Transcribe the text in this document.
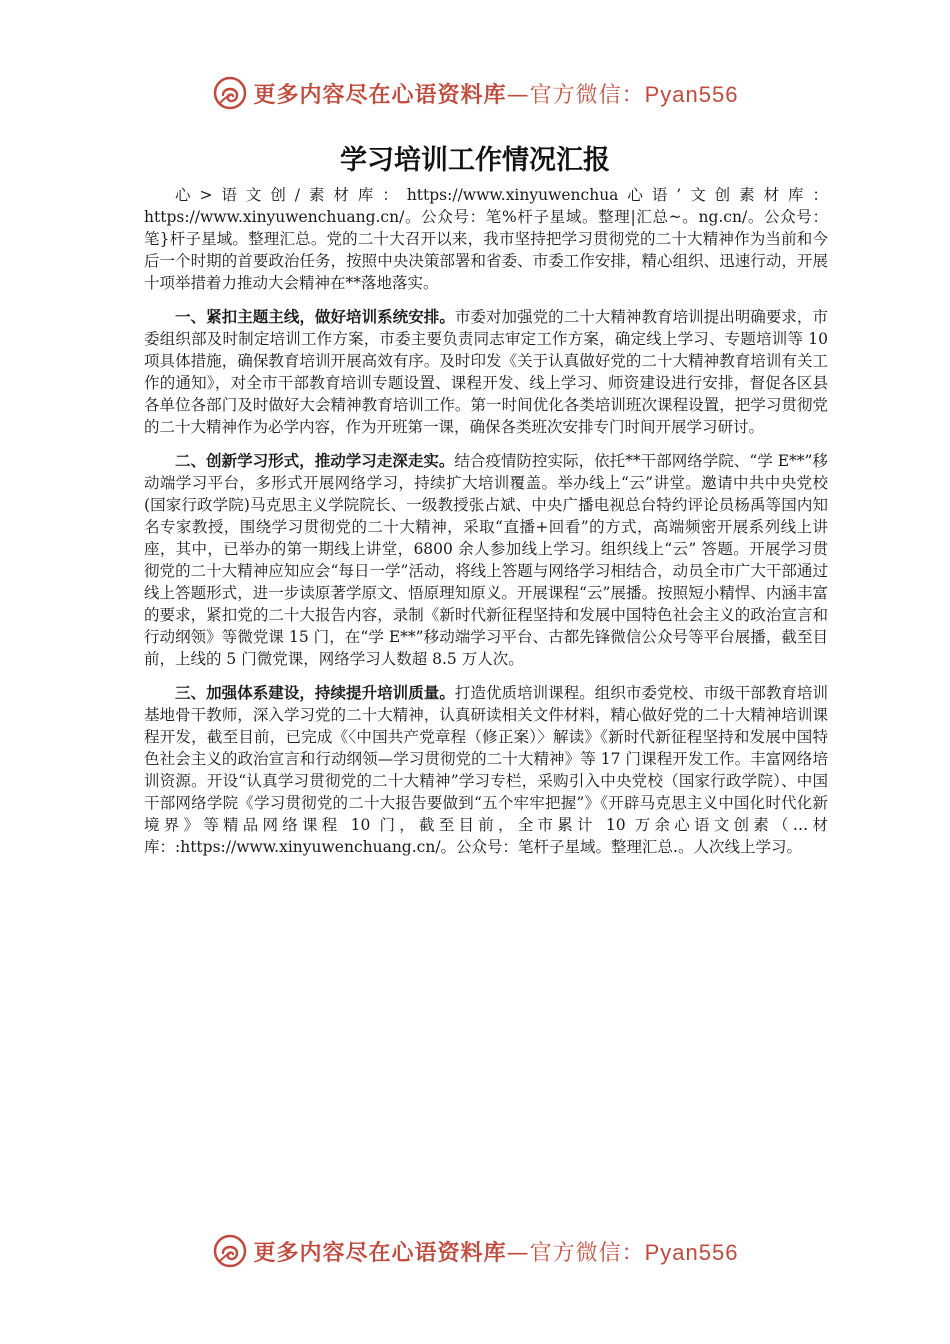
更多内容尽在心语资料库—官方微信：Pyan556
学习培训工作情况汇报

心>语文创/素材库：https://www.xinyuwenchua心语’文创素材库：https://www.xinyuwenchuang.cn/。公众号：笔%杆子星域。整理|汇总~。ng.cn/。公众号：笔}杆子星域。整理汇总。党的二十大召开以来，我市坚持把学习贯彻党的二十大精神作为当前和今后一个时期的首要政治任务，按照中央决策部署和省委、市委工作安排，精心组织、迅速行动，开展十项举措着力推动大会精神在**落地落实。

一、紧扣主题主线，做好培训系统安排。市委对加强党的二十大精神教育培训提出明确要求，市委组织部及时制定培训工作方案，市委主要负责同志审定工作方案，确定线上学习、专题培训等 10 项具体措施，确保教育培训开展高效有序。及时印发《关于认真做好党的二十大精神教育培训有关工作的通知》，对全市干部教育培训专题设置、课程开发、线上学习、师资建设进行安排，督促各区县各单位各部门及时做好大会精神教育培训工作。第一时间优化各类培训班次课程设置，把学习贯彻党的二十大精神作为必学内容，作为开班第一课，确保各类班次安排专门时间开展学习研讨。

二、创新学习形式，推动学习走深走实。结合疫情防控实际，依托**干部网络学院、“学 E**”移动端学习平台，多形式开展网络学习，持续扩大培训覆盖。举办线上“云”讲堂。邀请中共中央党校(国家行政学院)马克思主义学院院长、一级教授张占斌、中央广播电视总台特约评论员杨禹等国内知名专家教授，围绕学习贯彻党的二十大精神，采取“直播+回看”的方式，高端频密开展系列线上讲座，其中，已举办的第一期线上讲堂，6800 余人参加线上学习。组织线上“云” 答题。开展学习贯彻党的二十大精神应知应会“每日一学”活动，将线上答题与网络学习相结合，动员全市广大干部通过线上答题形式，进一步读原著学原文、悟原理知原义。开展课程“云”展播。按照短小精悍、内涵丰富的要求，紧扣党的二十大报告内容，录制《新时代新征程坚持和发展中国特色社会主义的政治宣言和行动纲领》等微党课 15 门，在“学 E**”移动端学习平台、古都先锋微信公众号等平台展播，截至目前，上线的 5 门微党课，网络学习人数超 8.5 万人次。

三、加强体系建设，持续提升培训质量。打造优质培训课程。组织市委党校、市级干部教育培训基地骨干教师，深入学习党的二十大精神，认真研读相关文件材料，精心做好党的二十大精神培训课程开发，截至目前，已完成《〈中国共产党章程（修正案）〉解读》《新时代新征程坚持和发展中国特色社会主义的政治宣言和行动纲领—学习贯彻党的二十大精神》等 17 门课程开发工作。丰富网络培训资源。开设“认真学习贯彻党的二十大精神”学习专栏，采购引入中央党校（国家行政学院）、中国干部网络学院《学习贯彻党的二十大报告要做到“五个牢牢把握”》《开辟马克思主义中国化时代化新境界》等精品网络课程 10 门，截至目前，全市累计 10 万余心语文创素（…材库：:https://www.xinyuwenchuang.cn/。公众号：笔杆子星域。整理汇总.。人次线上学习。

更多内容尽在心语资料库—官方微信：Pyan556
